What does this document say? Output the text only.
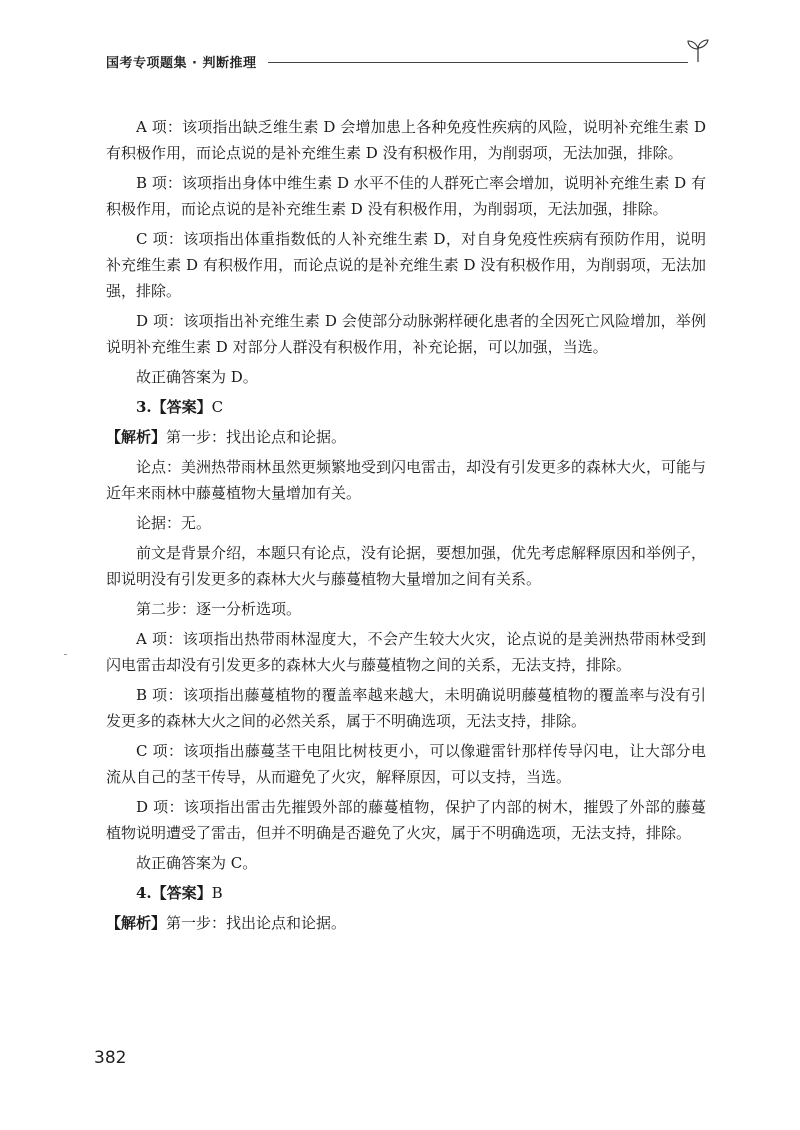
国考专项题集 · 判断推理

A 项：该项指出缺乏维生素 D 会增加患上各种免疫性疾病的风险，说明补充维生素 D 有积极作用，而论点说的是补充维生素 D 没有积极作用，为削弱项，无法加强，排除。

B 项：该项指出身体中维生素 D 水平不佳的人群死亡率会增加，说明补充维生素 D 有积极作用，而论点说的是补充维生素 D 没有积极作用，为削弱项，无法加强，排除。

C 项：该项指出体重指数低的人补充维生素 D，对自身免疫性疾病有预防作用，说明补充维生素 D 有积极作用，而论点说的是补充维生素 D 没有积极作用，为削弱项，无法加强，排除。

D 项：该项指出补充维生素 D 会使部分动脉粥样硬化患者的全因死亡风险增加，举例说明补充维生素 D 对部分人群没有积极作用，补充论据，可以加强，当选。

故正确答案为 D。

3.【答案】C

【解析】第一步：找出论点和论据。

论点：美洲热带雨林虽然更频繁地受到闪电雷击，却没有引发更多的森林大火，可能与近年来雨林中藤蔓植物大量增加有关。

论据：无。

前文是背景介绍，本题只有论点，没有论据，要想加强，优先考虑解释原因和举例子，即说明没有引发更多的森林大火与藤蔓植物大量增加之间有关系。

第二步：逐一分析选项。

A 项：该项指出热带雨林湿度大，不会产生较大火灾，论点说的是美洲热带雨林受到闪电雷击却没有引发更多的森林大火与藤蔓植物之间的关系，无法支持，排除。

B 项：该项指出藤蔓植物的覆盖率越来越大，未明确说明藤蔓植物的覆盖率与没有引发更多的森林大火之间的必然关系，属于不明确选项，无法支持，排除。

C 项：该项指出藤蔓茎干电阻比树枝更小，可以像避雷针那样传导闪电，让大部分电流从自己的茎干传导，从而避免了火灾，解释原因，可以支持，当选。

D 项：该项指出雷击先摧毁外部的藤蔓植物，保护了内部的树木，摧毁了外部的藤蔓植物说明遭受了雷击，但并不明确是否避免了火灾，属于不明确选项，无法支持，排除。

故正确答案为 C。

4.【答案】B

【解析】第一步：找出论点和论据。

382
